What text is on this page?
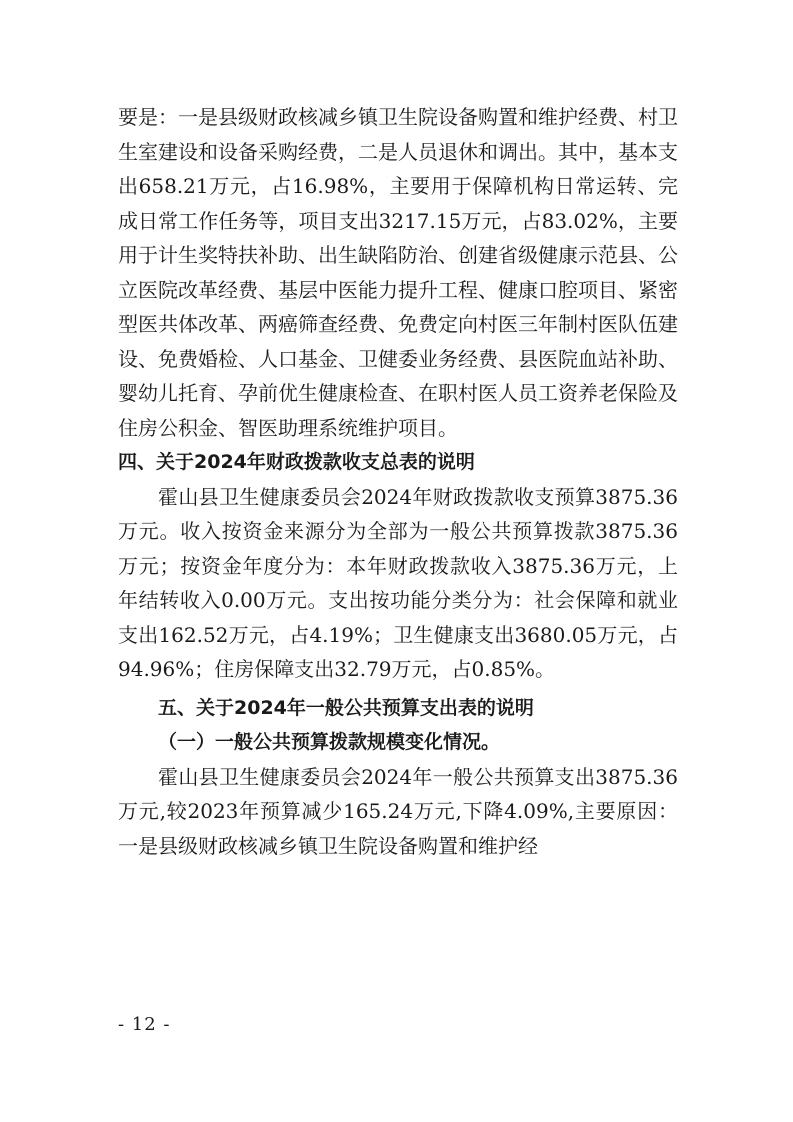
要是：一是县级财政核减乡镇卫生院设备购置和维护经费、村卫生室建设和设备采购经费，二是人员退休和调出。其中，基本支出658.21万元，占16.98%，主要用于保障机构日常运转、完成日常工作任务等，项目支出3217.15万元，占83.02%，主要用于计生奖特扶补助、出生缺陷防治、创建省级健康示范县、公立医院改革经费、基层中医能力提升工程、健康口腔项目、紧密型医共体改革、两癌筛查经费、免费定向村医三年制村医队伍建设、免费婚检、人口基金、卫健委业务经费、县医院血站补助、婴幼儿托育、孕前优生健康检查、在职村医人员工资养老保险及住房公积金、智医助理系统维护项目。

四、关于2024年财政拨款收支总表的说明

霍山县卫生健康委员会2024年财政拨款收支预算3875.36万元。收入按资金来源分为全部为一般公共预算拨款3875.36万元；按资金年度分为：本年财政拨款收入3875.36万元，上年结转收入0.00万元。支出按功能分类分为：社会保障和就业支出162.52万元，占4.19%；卫生健康支出3680.05万元，占94.96%；住房保障支出32.79万元，占0.85%。

五、关于2024年一般公共预算支出表的说明

（一）一般公共预算拨款规模变化情况。

霍山县卫生健康委员会2024年一般公共预算支出3875.36万元,较2023年预算减少165.24万元,下降4.09%,主要原因：一是县级财政核减乡镇卫生院设备购置和维护经

- 12 -
